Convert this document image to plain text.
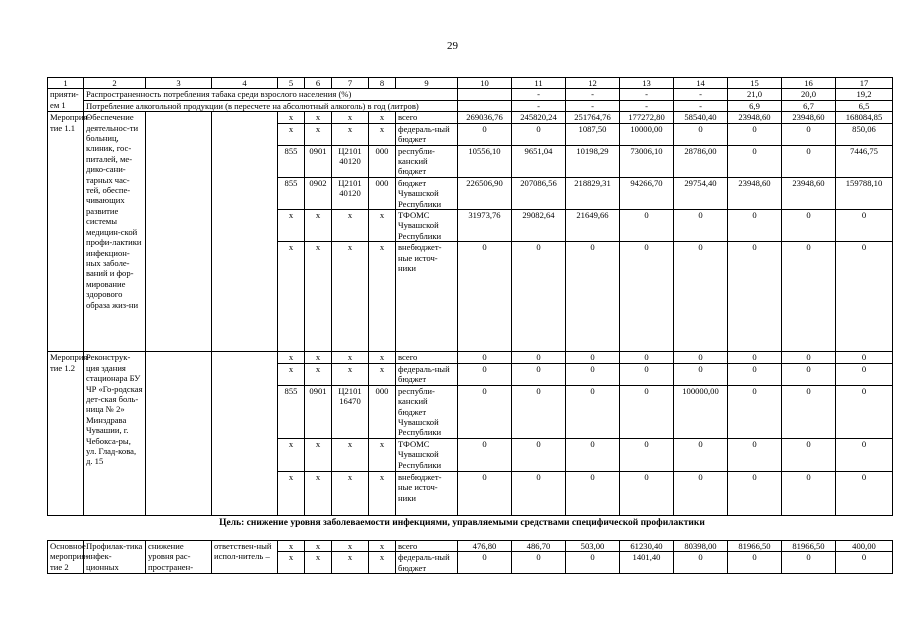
29
1	2	3	4	5	6	7	8	9	10	11	12	13	14	15	16	17	
прияти-ем 1	Распространенность потребления табака среди взрослого населения (%)									-	-	-	-	21,0	20,0	19,2	
	Потребление алкогольной продукции (в пересчете на абсолютный алкоголь) в год (литров)									-	-	-	-	6,9	6,7	6,5	
Мероприя-тие 1.1	Обеспечение деятельнос-ти больниц, клиник, гос-питалей, ме-дико-сани-тарных час-тей, обеспе-чивающих развитие системы медицин-ской профи-лактики инфекцион-ных заболе-ваний и фор-мирование здорового образа жиз-ни			x	x	x	x	всего	269036,76	245820,24	251764,76	177272,80	58540,40	23948,60	23948,60	168084,85	
				x	x	x	x	федераль-ный бюджет	0	0	1087,50	10000,00	0	0	0	850,06	
				855	0901	Ц2101 40120	000	республи-канский бюджет	10556,10	9651,04	10198,29	73006,10	28786,00	0	0	7446,75	
				855	0902	Ц2101 40120	000	бюджет Чувашской Республики	226506,90	207086,56	218829,31	94266,70	29754,40	23948,60	23948,60	159788,10	
				x	x	x	x	ТФОМС Чувашской Республики	31973,76	29082,64	21649,66	0	0	0	0	0	
				x	x	x	x	внебюджет-ные источ-ники	0	0	0	0	0	0	0	0	
Мероприя-тие 1.2	Реконструк-ция здания стационара БУ ЧР «Го-родская дет-ская боль-ница № 2» Минздрава Чувашии, г. Чебокса-ры, ул. Глад-кова, д. 15			x	x	x	x	всего	0	0	0	0	0	0	0	0	
				x	x	x	x	федераль-ный бюджет	0	0	0	0	0	0	0	0	
				855	0901	Ц2101 16470	000	республи-канский бюджет Чувашской Республики	0	0	0	0	100000,00	0	0	0	
				x	x	x	x	ТФОМС Чувашской Республики	0	0	0	0	0	0	0	0	
				x	x	x	x	внебюджет-ные источ-ники	0	0	0	0	0	0	0	0	
Цель: снижение уровня заболеваемости инфекциями, управляемыми средствами специфической профилактики
Основное мероприя-тие 2	Профилак-тика инфек-ционных	снижение уровня рас-пространен-	ответствен-ный испол-нитель –	x	x	x	x	всего	476,80	486,70	503,00	61230,40	80398,00	81966,50	81966,50	400,00
				x	x	x	x	федераль-ный бюджет	0	0	0	1401,40	0	0	0	0
